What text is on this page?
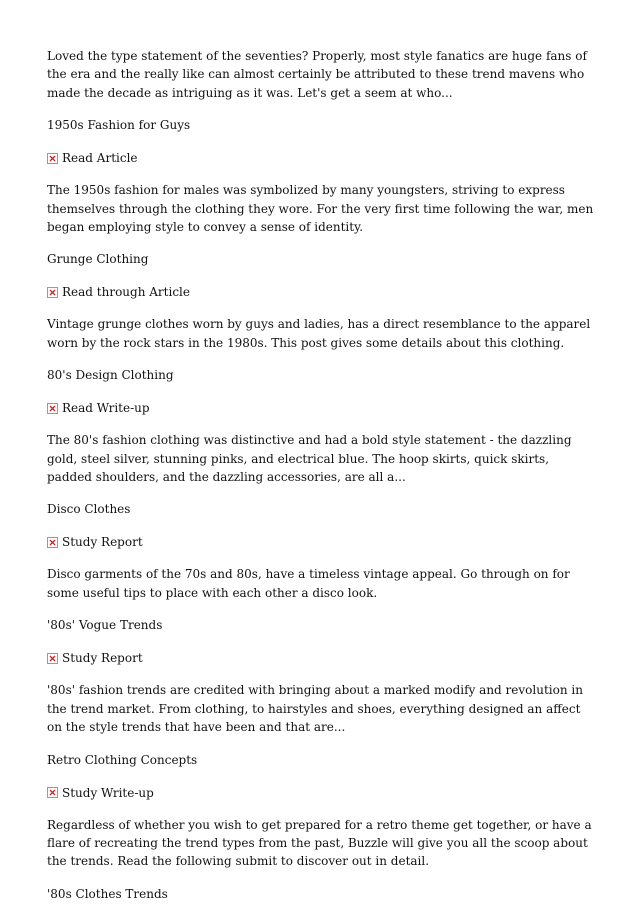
Loved the type statement of the seventies? Properly, most style fanatics are huge fans of the era and the really like can almost certainly be attributed to these trend mavens who made the decade as intriguing as it was. Let's get a seem at who...

1950s Fashion for Guys
Read Article

The 1950s fashion for males was symbolized by many youngsters, striving to express themselves through the clothing they wore. For the very first time following the war, men began employing style to convey a sense of identity.

Grunge Clothing
Read through Article

Vintage grunge clothes worn by guys and ladies, has a direct resemblance to the apparel worn by the rock stars in the 1980s. This post gives some details about this clothing.

80's Design Clothing
Read Write-up

The 80's fashion clothing was distinctive and had a bold style statement - the dazzling gold, steel silver, stunning pinks, and electrical blue. The hoop skirts, quick skirts, padded shoulders, and the dazzling accessories, are all a...

Disco Clothes
Study Report

Disco garments of the 70s and 80s, have a timeless vintage appeal. Go through on for some useful tips to place with each other a disco look.

'80s' Vogue Trends
Study Report

'80s' fashion trends are credited with bringing about a marked modify and revolution in the trend market. From clothing, to hairstyles and shoes, everything designed an affect on the style trends that have been and that are...

Retro Clothing Concepts
Study Write-up

Regardless of whether you wish to get prepared for a retro theme get together, or have a flare of recreating the trend types from the past, Buzzle will give you all the scoop about the trends. Read the following submit to discover out in detail.

'80s Clothes Trends
